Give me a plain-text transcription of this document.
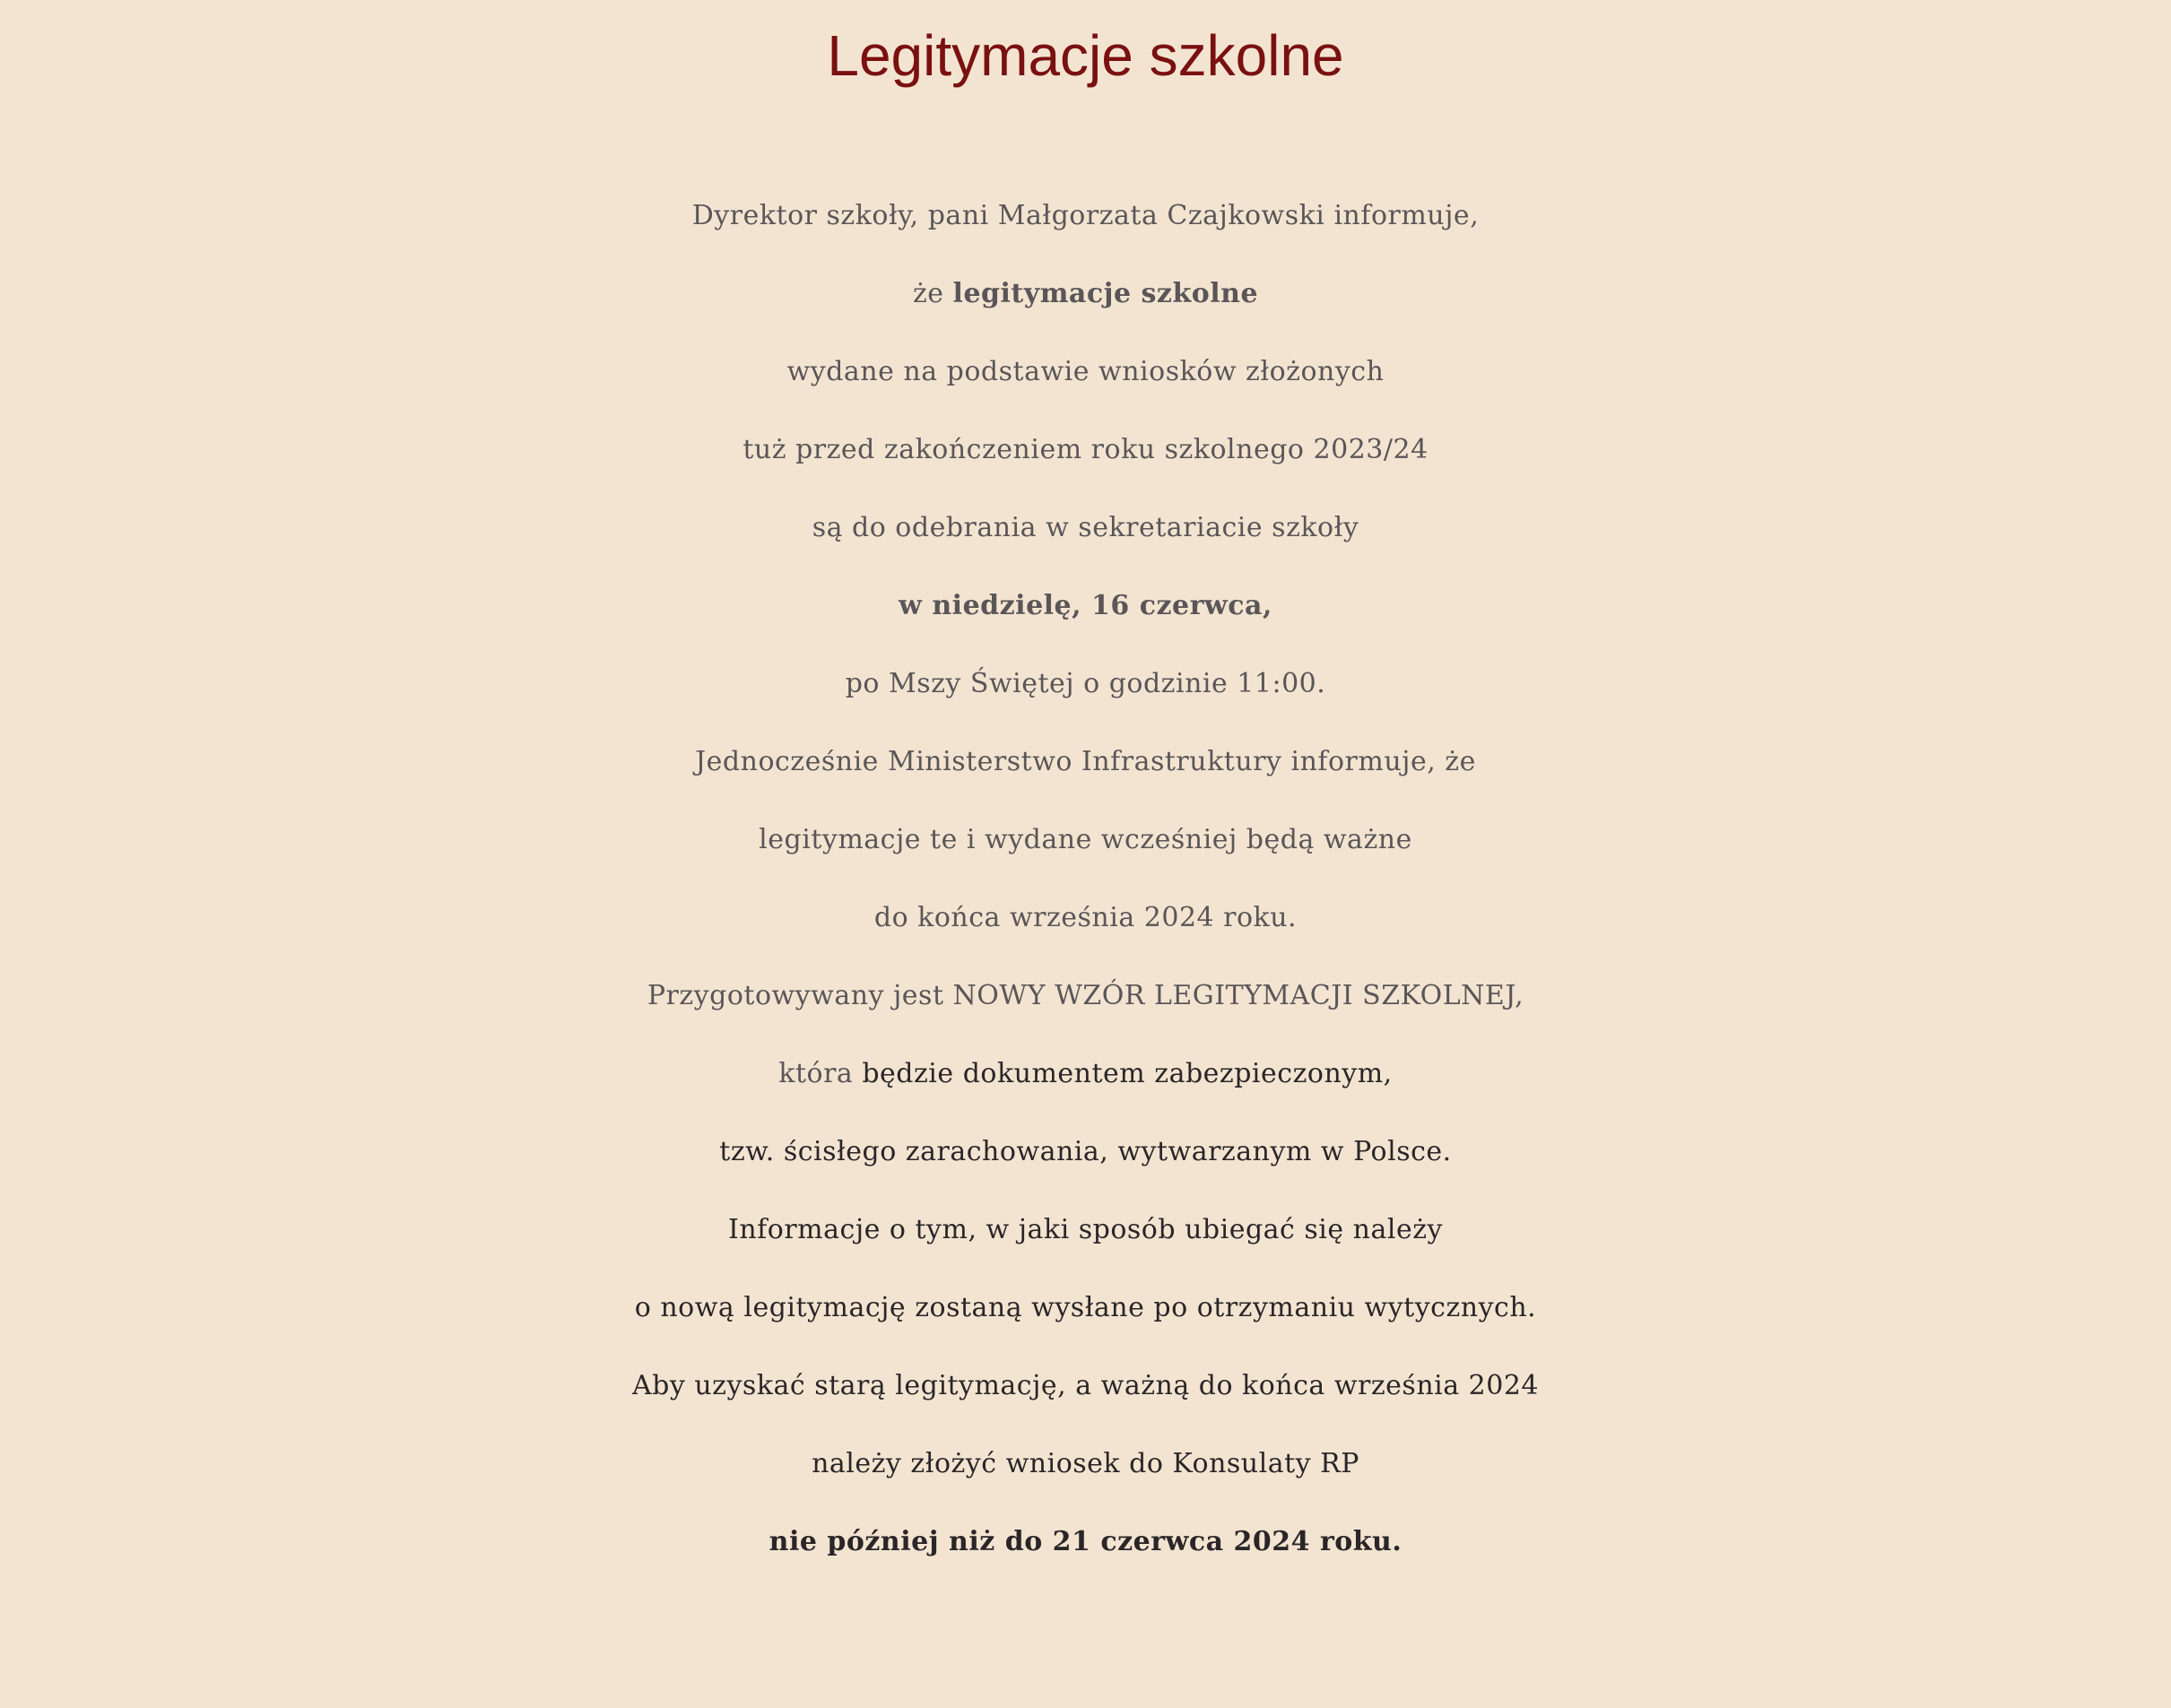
Legitymacje szkolne
Dyrektor szkoły, pani Małgorzata Czajkowski informuje,
że legitymacje szkolne
wydane na podstawie wniosków złożonych
tuż przed zakończeniem roku szkolnego 2023/24
są do odebrania w sekretariacie szkoły
w niedzielę, 16 czerwca,
po Mszy Świętej o godzinie 11:00.
Jednocześnie Ministerstwo Infrastruktury informuje, że
legitymacje te i wydane wcześniej będą ważne
do końca września 2024 roku.
Przygotowywany jest NOWY WZÓR LEGITYMACJI SZKOLNEJ,
która będzie dokumentem zabezpieczonym,
tzw. ścisłego zarachowania, wytwarzanym w Polsce.
Informacje o tym, w jaki sposób ubiegać się należy
o nową legitymację zostaną wysłane po otrzymaniu wytycznych.
Aby uzyskać starą legitymację, a ważną do końca września 2024
należy złożyć wniosek do Konsulaty RP
nie później niż do 21 czerwca 2024 roku.
